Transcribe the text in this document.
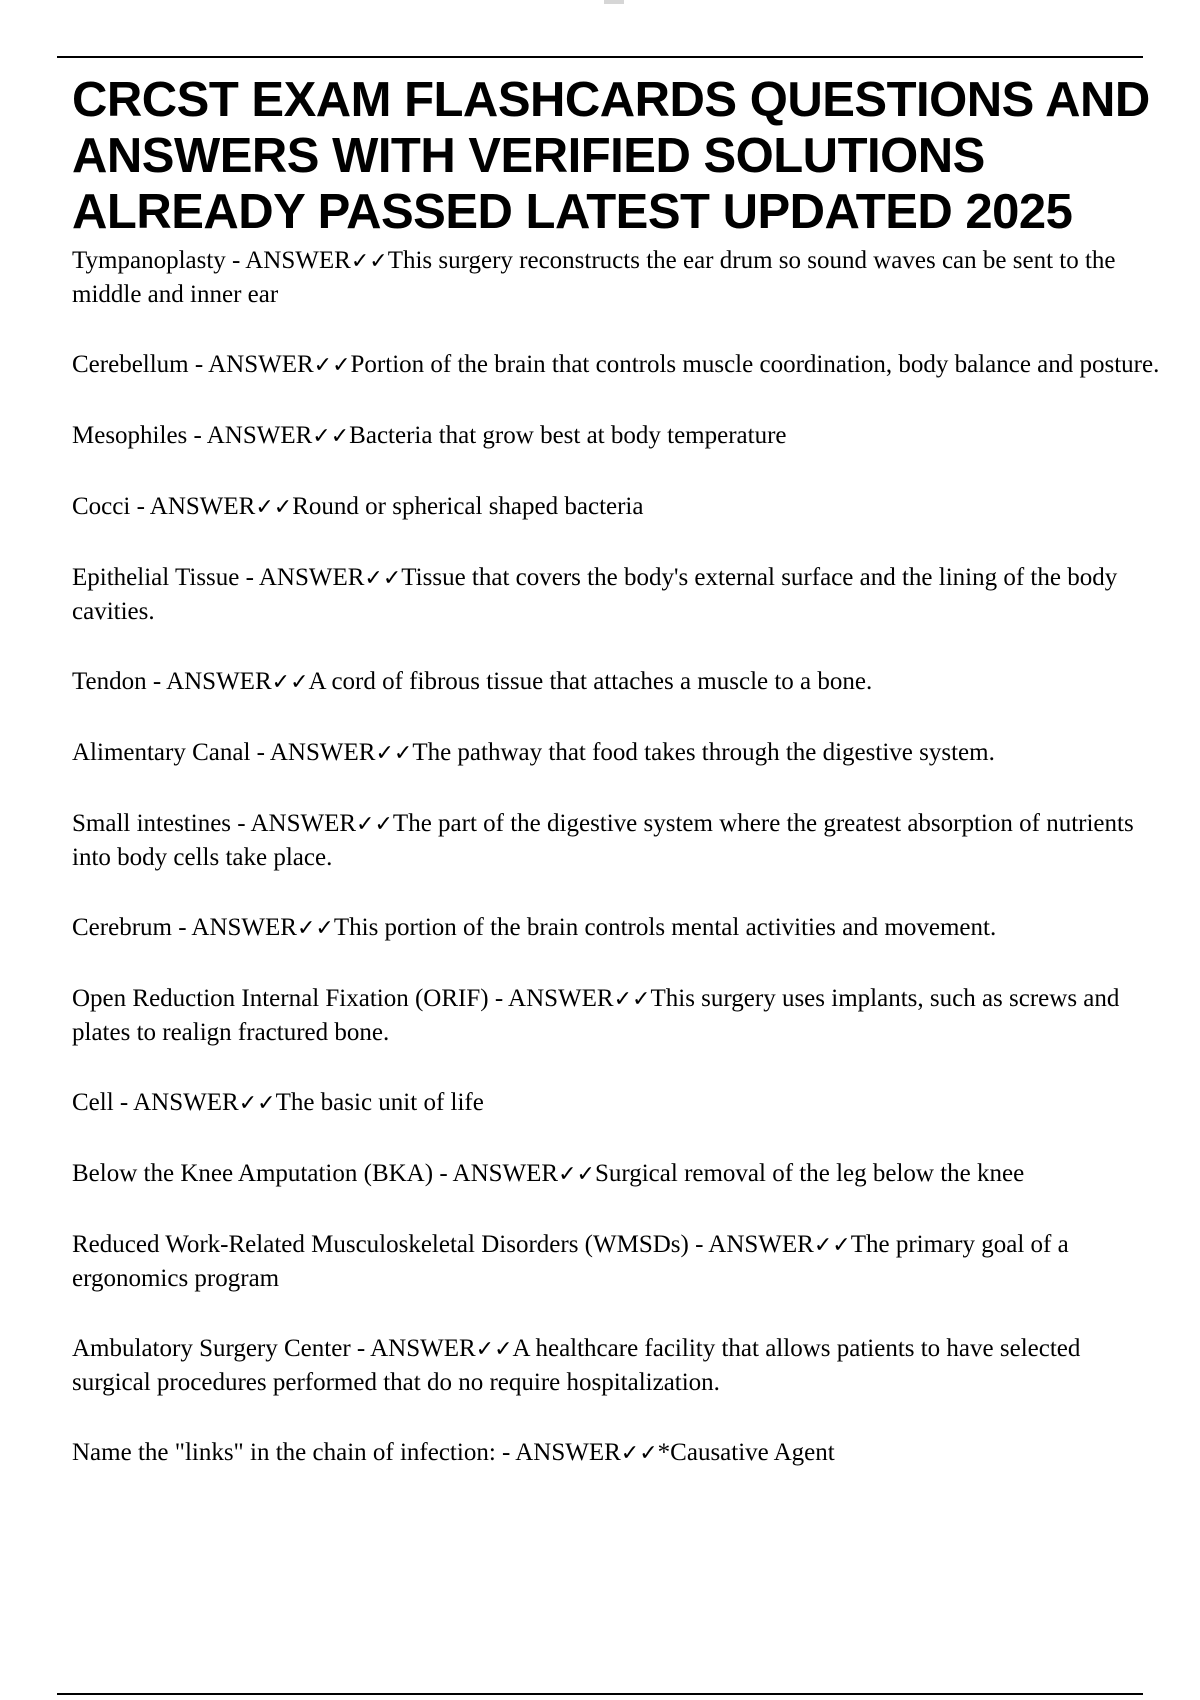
CRCST EXAM FLASHCARDS QUESTIONS AND ANSWERS WITH VERIFIED SOLUTIONS ALREADY PASSED LATEST UPDATED 2025
Tympanoplasty - ANSWER✓✓This surgery reconstructs the ear drum so sound waves can be sent to the middle and inner ear
Cerebellum - ANSWER✓✓Portion of the brain that controls muscle coordination, body balance and posture.
Mesophiles - ANSWER✓✓Bacteria that grow best at body temperature
Cocci - ANSWER✓✓Round or spherical shaped bacteria
Epithelial Tissue - ANSWER✓✓Tissue that covers the body's external surface and the lining of the body cavities.
Tendon - ANSWER✓✓A cord of fibrous tissue that attaches a muscle to a bone.
Alimentary Canal - ANSWER✓✓The pathway that food takes through the digestive system.
Small intestines - ANSWER✓✓The part of the digestive system where the greatest absorption of nutrients into body cells take place.
Cerebrum - ANSWER✓✓This portion of the brain controls mental activities and movement.
Open Reduction Internal Fixation (ORIF) - ANSWER✓✓This surgery uses implants, such as screws and plates to realign fractured bone.
Cell - ANSWER✓✓The basic unit of life
Below the Knee Amputation (BKA) - ANSWER✓✓Surgical removal of the leg below the knee
Reduced Work-Related Musculoskeletal Disorders (WMSDs) - ANSWER✓✓The primary goal of a ergonomics program
Ambulatory Surgery Center - ANSWER✓✓A healthcare facility that allows patients to have selected surgical procedures performed that do no require hospitalization.
Name the "links" in the chain of infection: - ANSWER✓✓*Causative Agent
